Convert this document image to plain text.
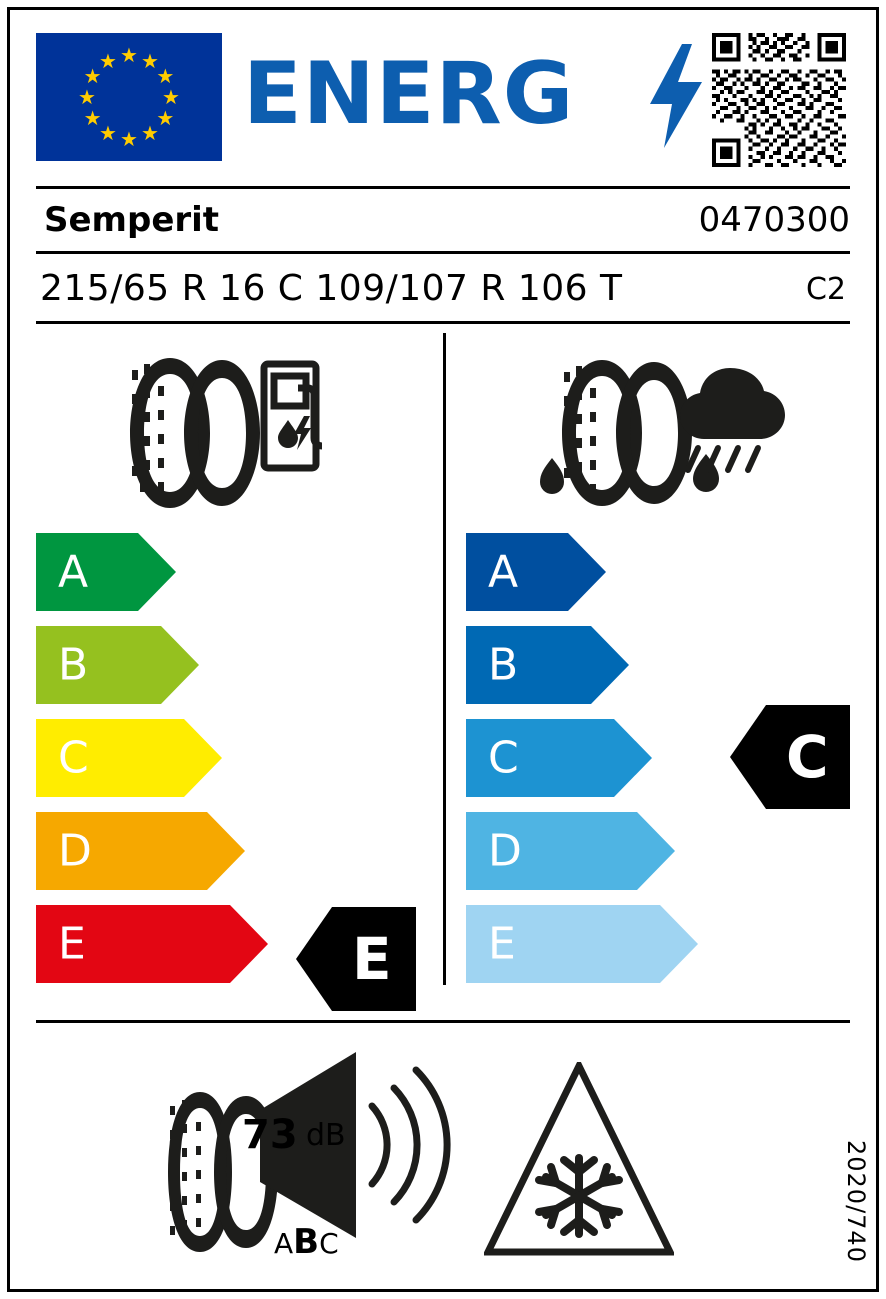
★ ★
★
★
★
★
★
★
★
★
★
★ ENERG
Semperit	0470300
215/65 R 16 C 109/107 R 106 T	C2
A
B
C
D
E
A
B
C
D
E
E
C
73 dB
ABC	2020/740
